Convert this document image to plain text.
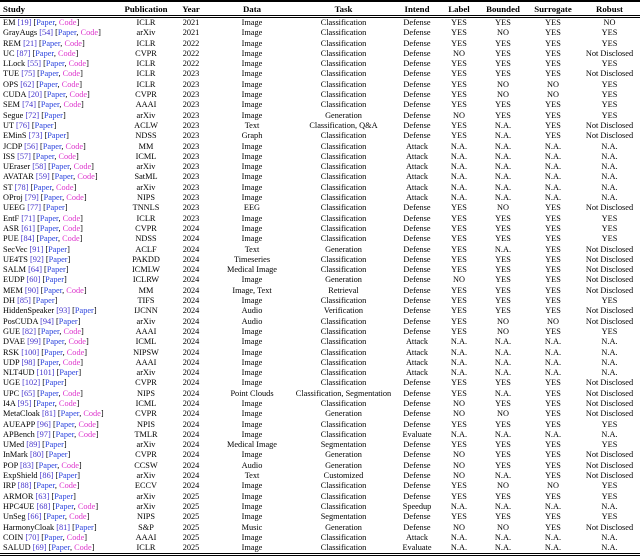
Study	Publication	Year	Data	Task	Intend	Label	Bounded	Surrogate	Robust
EM [19] [Paper, Code]	ICLR	2021	Image	Classification	Defense	YES	YES	YES	NO
GrayAugs [54] [Paper, Code]	arXiv	2021	Image	Classification	Defense	YES	NO	YES	YES
REM [21] [Paper, Code]	ICLR	2022	Image	Classification	Defense	YES	YES	YES	YES
UC [87] [Paper, Code]	CVPR	2022	Image	Classification	Defense	NO	YES	YES	Not Disclosed
LLock [55] [Paper, Code]	ICLR	2022	Image	Classification	Defense	YES	YES	YES	YES
TUE [75] [Paper, Code]	ICLR	2023	Image	Classification	Defense	YES	YES	YES	Not Disclosed
OPS [62] [Paper, Code]	ICLR	2023	Image	Classification	Defense	YES	NO	NO	YES
CUDA [20] [Paper, Code]	CVPR	2023	Image	Classification	Defense	YES	NO	NO	YES
SEM [74] [Paper, Code]	AAAI	2023	Image	Classification	Defense	YES	YES	YES	YES
Segue [72] [Paper]	arXiv	2023	Image	Generation	Defense	NO	YES	YES	YES
UT [76] [Paper]	ACLW	2023	Text	Classification, Q&A	Defense	YES	N.A.	YES	Not Disclosed
EMinS [73] [Paper]	NDSS	2023	Graph	Classification	Defense	YES	N.A.	YES	Not Disclosed
JCDP [56] [Paper, Code]	MM	2023	Image	Classification	Attack	N.A.	N.A.	N.A.	N.A.
ISS [57] [Paper, Code]	ICML	2023	Image	Classification	Attack	N.A.	N.A.	N.A.	N.A.
UEraser [58] [Paper, Code]	arXiv	2023	Image	Classification	Attack	N.A.	N.A.	N.A.	N.A.
AVATAR [59] [Paper, Code]	SatML	2023	Image	Classification	Attack	N.A.	N.A.	N.A.	N.A.
ST [78] [Paper, Code]	arXiv	2023	Image	Classification	Attack	N.A.	N.A.	N.A.	N.A.
OProj [79] [Paper, Code]	NIPS	2023	Image	Classification	Attack	N.A.	N.A.	N.A.	N.A.
UEEG [77] [Paper]	TNNLS	2023	EEG	Classification	Defense	YES	NO	YES	Not Disclosed
EntF [71] [Paper, Code]	ICLR	2023	Image	Classification	Defense	YES	YES	YES	YES
ASR [61] [Paper, Code]	CVPR	2024	Image	Classification	Defense	YES	YES	YES	YES
PUE [84] [Paper, Code]	NDSS	2024	Image	Classification	Defense	YES	YES	YES	YES
SecVec [91] [Paper]	ACLF	2024	Text	Generation	Defense	YES	N.A.	YES	Not Disclosed
UE4TS [92] [Paper]	PAKDD	2024	Timeseries	Classification	Defense	YES	YES	YES	Not Disclosed
SALM [64] [Paper]	ICMLW	2024	Medical Image	Classification	Defense	YES	YES	YES	Not Disclosed
EUDP [60] [Paper]	ICLRW	2024	Image	Generation	Defense	NO	YES	YES	Not Disclosed
MEM [90] [Paper, Code]	MM	2024	Image, Text	Retrieval	Defense	YES	YES	YES	Not Disclosed
DH [85] [Paper]	TIFS	2024	Image	Classification	Defense	YES	YES	YES	YES
HiddenSpeaker [93] [Paper]	IJCNN	2024	Audio	Verification	Defense	YES	YES	YES	Not Disclosed
PosCUDA [94] [Paper]	arXiv	2024	Audio	Classification	Defense	YES	NO	NO	Not Disclosed
GUE [82] [Paper, Code]	AAAI	2024	Image	Classification	Defense	YES	NO	YES	YES
DVAE [99] [Paper, Code]	ICML	2024	Image	Classification	Attack	N.A.	N.A.	N.A.	N.A.
RSK [100] [Paper, Code]	NIPSW	2024	Image	Classification	Attack	N.A.	N.A.	N.A.	N.A.
UDP [98] [Paper, Code]	AAAI	2024	Image	Classification	Attack	N.A.	N.A.	N.A.	N.A.
NLT4UD [101] [Paper]	arXiv	2024	Image	Classification	Attack	N.A.	N.A.	N.A.	N.A.
UGE [102] [Paper]	CVPR	2024	Image	Classification	Defense	YES	YES	YES	Not Disclosed
UPC [65] [Paper, Code]	NIPS	2024	Point Clouds	Classification, Segmentation	Defense	YES	N.A.	YES	Not Disclosed
I4A [95] [Paper, Code]	ICML	2024	Image	Classification	Defense	NO	YES	YES	Not Disclosed
MetaCloak [81] [Paper, Code]	CVPR	2024	Image	Generation	Defense	NO	NO	YES	Not Disclosed
AUEAPP [96] [Paper, Code]	NPIS	2024	Image	Classification	Defense	YES	YES	YES	YES
APBench [97] [Paper, Code]	TMLR	2024	Image	Classification	Evaluate	N.A.	N.A.	N.A.	N.A.
UMed [89] [Paper]	arXiv	2024	Medical Image	Segmentation	Defense	YES	YES	YES	YES
InMark [80] [Paper]	CVPR	2024	Image	Generation	Defense	NO	YES	YES	Not Disclosed
POP [83] [Paper, Code]	CCSW	2024	Audio	Generation	Defense	NO	YES	YES	Not Disclosed
ExpShield [86] [Paper]	arXiv	2024	Text	Customized	Defense	NO	N.A.	YES	Not Disclosed
IRP [88] [Paper, Code]	ECCV	2024	Image	Classification	Defense	YES	NO	NO	YES
ARMOR [63] [Paper]	arXiv	2025	Image	Classification	Defense	YES	YES	YES	YES
HPC4UE [68] [Paper, Code]	arXiv	2025	Image	Classification	Speedup	N.A.	N.A.	N.A.	N.A.
UnSeg [66] [Paper, Code]	NIPS	2025	Image	Segmentation	Defense	YES	YES	YES	YES
HarmonyCloak [81] [Paper]	S&P	2025	Music	Generation	Defense	NO	NO	YES	Not Disclosed
COIN [70] [Paper, Code]	AAAI	2025	Image	Classification	Attack	N.A.	N.A.	N.A.	N.A.
SALUD [69] [Paper, Code]	ICLR	2025	Image	Classification	Evaluate	N.A.	N.A.	N.A.	N.A.
